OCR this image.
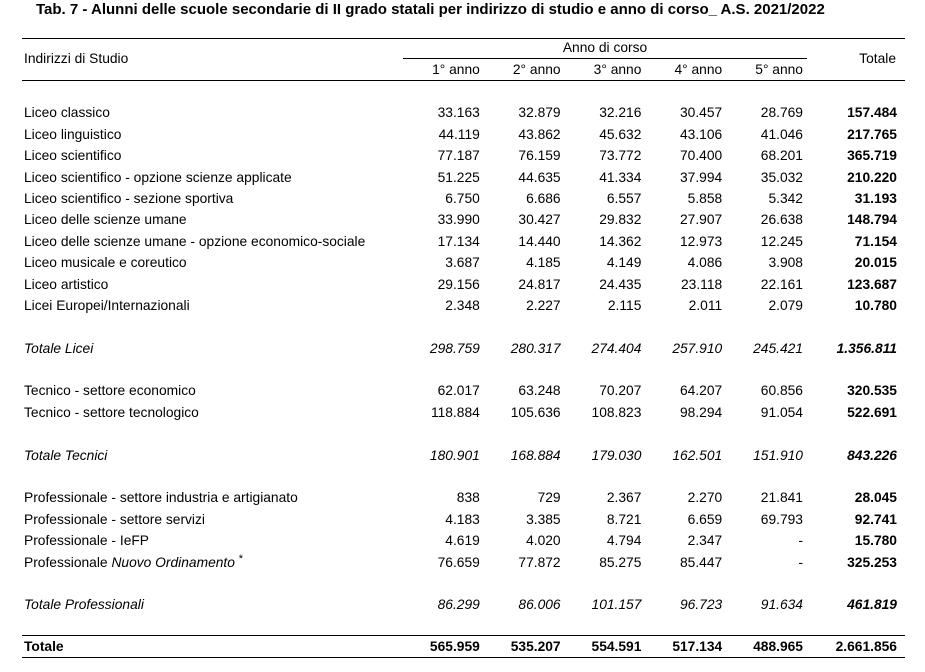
Tab. 7 - Alunni delle scuole secondarie di II grado statali per indirizzo di studio e anno di corso_ A.S. 2021/2022
Indirizzi di Studio
Anno di corso
1° anno	2° anno	3° anno	4° anno	5° anno
Totale
Liceo classico	33.163	32.879	32.216	30.457	28.769	157.484
Liceo linguistico	44.119	43.862	45.632	43.106	41.046	217.765
Liceo scientifico	77.187	76.159	73.772	70.400	68.201	365.719
Liceo scientifico - opzione scienze applicate	51.225	44.635	41.334	37.994	35.032	210.220
Liceo scientifico - sezione sportiva	6.750	6.686	6.557	5.858	5.342	31.193
Liceo delle scienze umane	33.990	30.427	29.832	27.907	26.638	148.794
Liceo delle scienze umane - opzione economico-sociale	17.134	14.440	14.362	12.973	12.245	71.154
Liceo musicale e coreutico	3.687	4.185	4.149	4.086	3.908	20.015
Liceo artistico	29.156	24.817	24.435	23.118	22.161	123.687
Licei Europei/Internazionali	2.348	2.227	2.115	2.011	2.079	10.780
Totale Licei	298.759	280.317	274.404	257.910	245.421	1.356.811
Tecnico - settore economico	62.017	63.248	70.207	64.207	60.856	320.535
Tecnico - settore tecnologico	118.884	105.636	108.823	98.294	91.054	522.691
Totale Tecnici	180.901	168.884	179.030	162.501	151.910	843.226
Professionale - settore industria e artigianato	838	729	2.367	2.270	21.841	28.045
Professionale - settore servizi	4.183	3.385	8.721	6.659	69.793	92.741
Professionale - IeFP	4.619	4.020	4.794	2.347	-	15.780
Professionale Nuovo Ordinamento *	76.659	77.872	85.275	85.447	-	325.253
Totale Professionali	86.299	86.006	101.157	96.723	91.634	461.819
Totale	565.959	535.207	554.591	517.134	488.965	2.661.856
